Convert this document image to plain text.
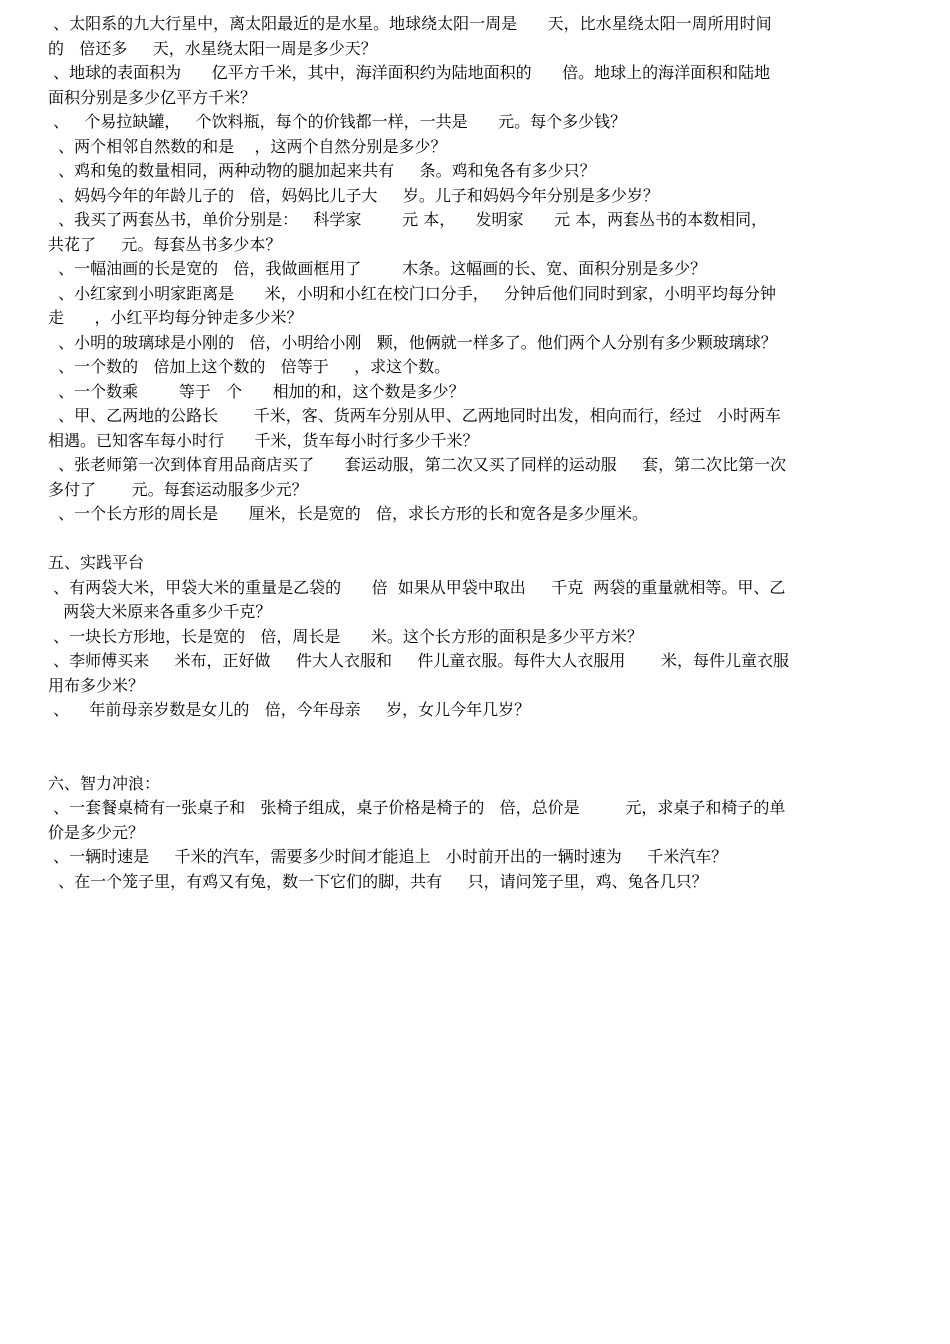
、太阳系的九大行星中，离太阳最近的是水星。地球绕太阳一周是      天，比水星绕太阳一周所用时间
的   倍还多     天，水星绕太阳一周是多少天？
、地球的表面积为      亿平方千米，其中，海洋面积约为陆地面积的      倍。地球上的海洋面积和陆地
面积分别是多少亿平方千米？
、   个易拉缺罐，   个饮料瓶，每个的价钱都一样，一共是      元。每个多少钱？
、两个相邻自然数的和是    ，这两个自然分别是多少？
、鸡和兔的数量相同，两种动物的腿加起来共有     条。鸡和兔各有多少只？
、妈妈今年的年龄儿子的   倍，妈妈比儿子大     岁。儿子和妈妈今年分别是多少岁？
、我买了两套丛书，单价分别是：   科学家        元 本，    发明家      元 本，两套丛书的本数相同，
共花了     元。每套丛书多少本？
、一幅油画的长是宽的   倍，我做画框用了        木条。这幅画的长、宽、面积分别是多少？
、小红家到小明家距离是      米，小明和小红在校门口分手，   分钟后他们同时到家，小明平均每分钟
走      ，小红平均每分钟走多少米？
、小明的玻璃球是小刚的   倍，小明给小刚   颗，他俩就一样多了。他们两个人分别有多少颗玻璃球？
、一个数的   倍加上这个数的   倍等于     ，求这个数。
、一个数乘        等于   个      相加的和，这个数是多少？
、甲、乙两地的公路长       千米，客、货两车分别从甲、乙两地同时出发，相向而行，经过   小时两车
相遇。已知客车每小时行      千米，货车每小时行多少千米？
、张老师第一次到体育用品商店买了      套运动服，第二次又买了同样的运动服     套，第二次比第一次
多付了       元。每套运动服多少元？
、一个长方形的周长是      厘米，长是宽的   倍，求长方形的长和宽各是多少厘米。
五、实践平台
、有两袋大米，甲袋大米的重量是乙袋的      倍  如果从甲袋中取出     千克  两袋的重量就相等。甲、乙
两袋大米原来各重多少千克？
、一块长方形地，长是宽的   倍，周长是      米。这个长方形的面积是多少平方米？
、李师傅买来     米布，正好做     件大人衣服和     件儿童衣服。每件大人衣服用       米，每件儿童衣服
用布多少米？
、    年前母亲岁数是女儿的   倍，今年母亲     岁，女儿今年几岁？
六、智力冲浪：
、一套餐桌椅有一张桌子和   张椅子组成，桌子价格是椅子的   倍，总价是         元，求桌子和椅子的单
价是多少元？
、一辆时速是     千米的汽车，需要多少时间才能追上   小时前开出的一辆时速为     千米汽车？
、在一个笼子里，有鸡又有兔，数一下它们的脚，共有     只，请问笼子里，鸡、兔各几只？
